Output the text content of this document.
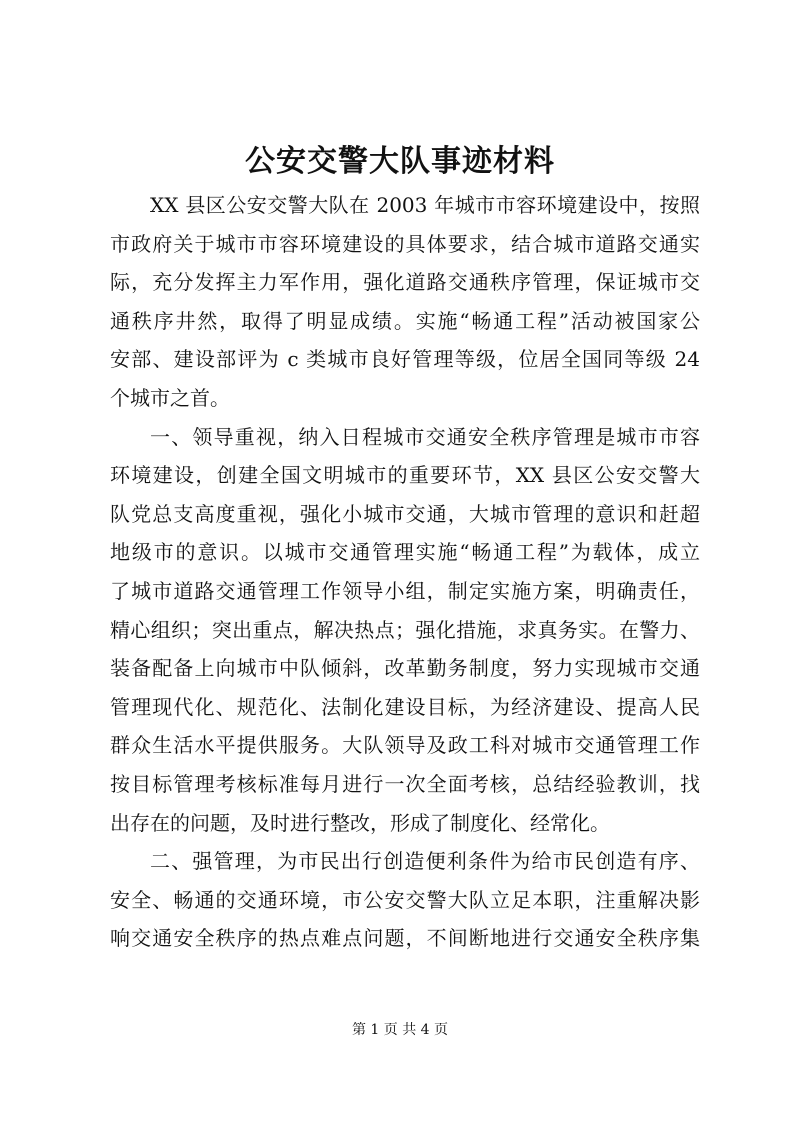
公安交警大队事迹材料
XX 县区公安交警大队在 2003 年城市市容环境建设中，按照
市政府关于城市市容环境建设的具体要求，结合城市道路交通实
际，充分发挥主力军作用，强化道路交通秩序管理，保证城市交
通秩序井然，取得了明显成绩。实施“畅通工程”活动被国家公
安部、建设部评为 c 类城市良好管理等级，位居全国同等级 24
个城市之首。
一、领导重视，纳入日程城市交通安全秩序管理是城市市容
环境建设，创建全国文明城市的重要环节，XX 县区公安交警大
队党总支高度重视，强化小城市交通，大城市管理的意识和赶超
地级市的意识。以城市交通管理实施“畅通工程”为载体，成立
了城市道路交通管理工作领导小组，制定实施方案，明确责任，
精心组织；突出重点，解决热点；强化措施，求真务实。在警力、
装备配备上向城市中队倾斜，改革勤务制度，努力实现城市交通
管理现代化、规范化、法制化建设目标，为经济建设、提高人民
群众生活水平提供服务。大队领导及政工科对城市交通管理工作
按目标管理考核标准每月进行一次全面考核，总结经验教训，找
出存在的问题，及时进行整改，形成了制度化、经常化。
二、强管理，为市民出行创造便利条件为给市民创造有序、
安全、畅通的交通环境，市公安交警大队立足本职，注重解决影
响交通安全秩序的热点难点问题，不间断地进行交通安全秩序集
第 1 页 共 4 页
